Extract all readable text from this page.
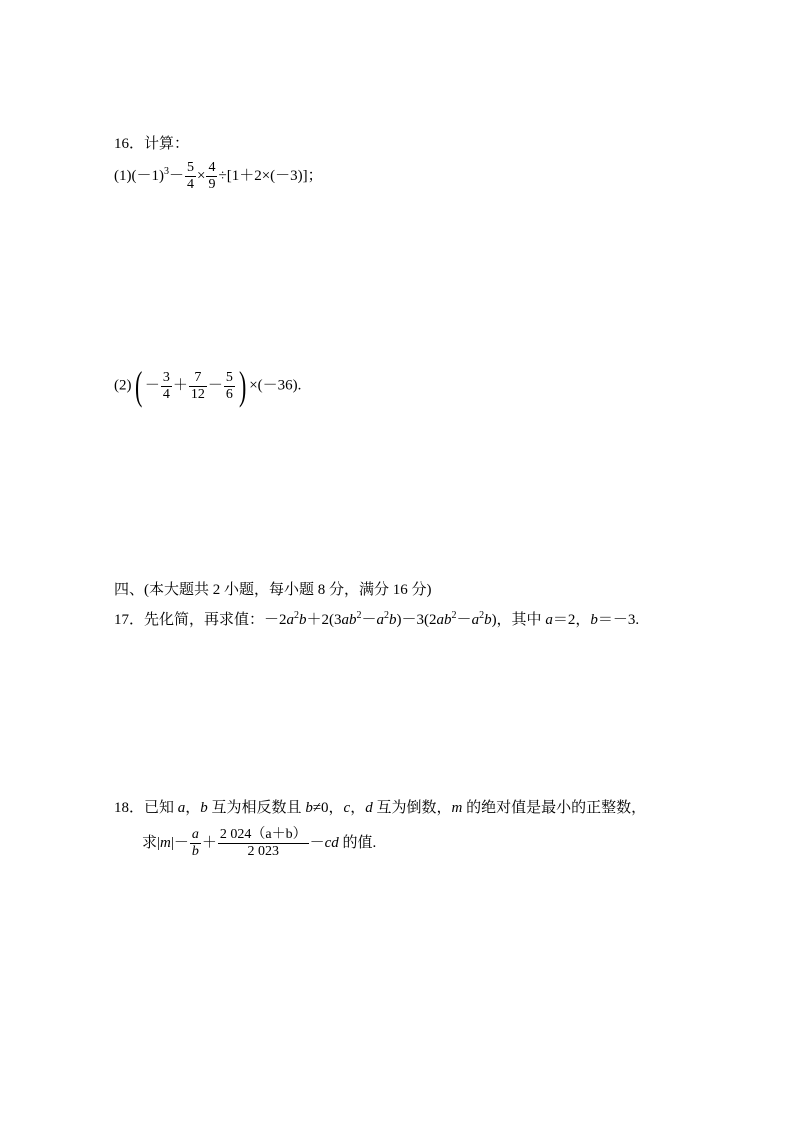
16．计算：
$(1)(-1)^3- \frac{5}{4} \times \frac{4}{9} \div[1+2\times(-3)]$；
$(2)( - \frac{3}{4} + \frac{7}{12} - \frac{5}{6}$ ) ×(－36).
四、(本大题共 2 小题，每小题 8 分，满分 16 分)
17．先化简，再求值：$-2a^2b+2(3ab^2-a^2b)-3(2ab^2-a^2b)$，其中 a＝2，b＝－3.
18．已知 a，b 互为相反数且 b≠0，c，d 互为倒数，m 的绝对值是最小的正整数，
求$|m|- \frac{a}{b} + \frac{2 024(a+b)}{2 023} -cd$ 的值.
